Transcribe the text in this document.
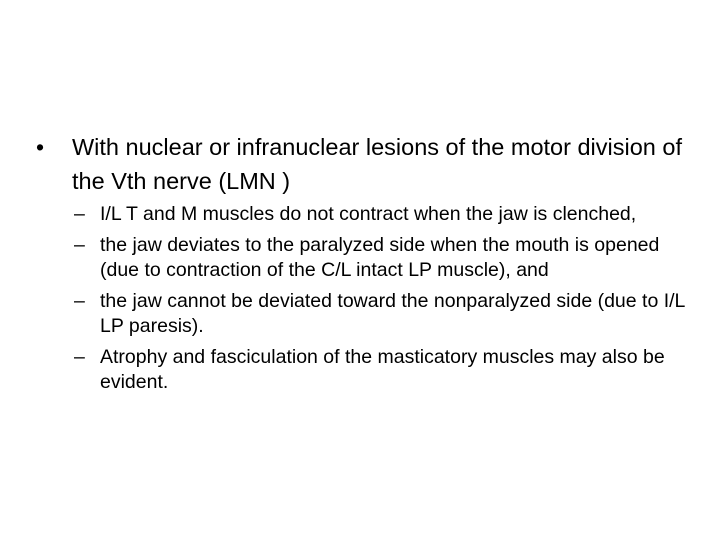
• With nuclear or infranuclear lesions of the motor division of the Vth nerve (LMN )
– I/L T and M muscles do not contract when the jaw is clenched,
– the jaw deviates to the paralyzed side when the mouth is opened (due to contraction of the C/L intact LP muscle), and
– the jaw cannot be deviated toward the nonparalyzed side (due to I/L LP paresis).
– Atrophy and fasciculation of the masticatory muscles may also be evident.
